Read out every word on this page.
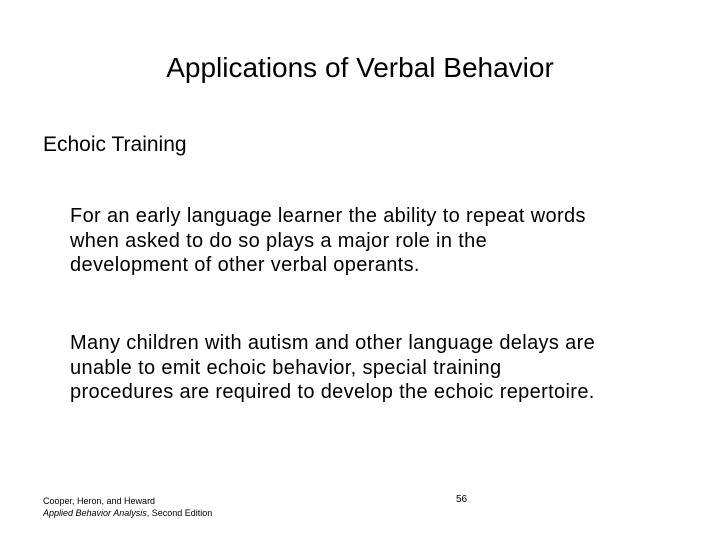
Applications of Verbal Behavior
Echoic Training
For an early language learner the ability to repeat words
when asked to do so plays a major role in the
development of other verbal operants.
Many children with autism and other language delays are
unable to emit echoic behavior, special training
procedures are required to develop the echoic repertoire.
Cooper, Heron, and Heward
Applied Behavior Analysis, Second Edition
56
